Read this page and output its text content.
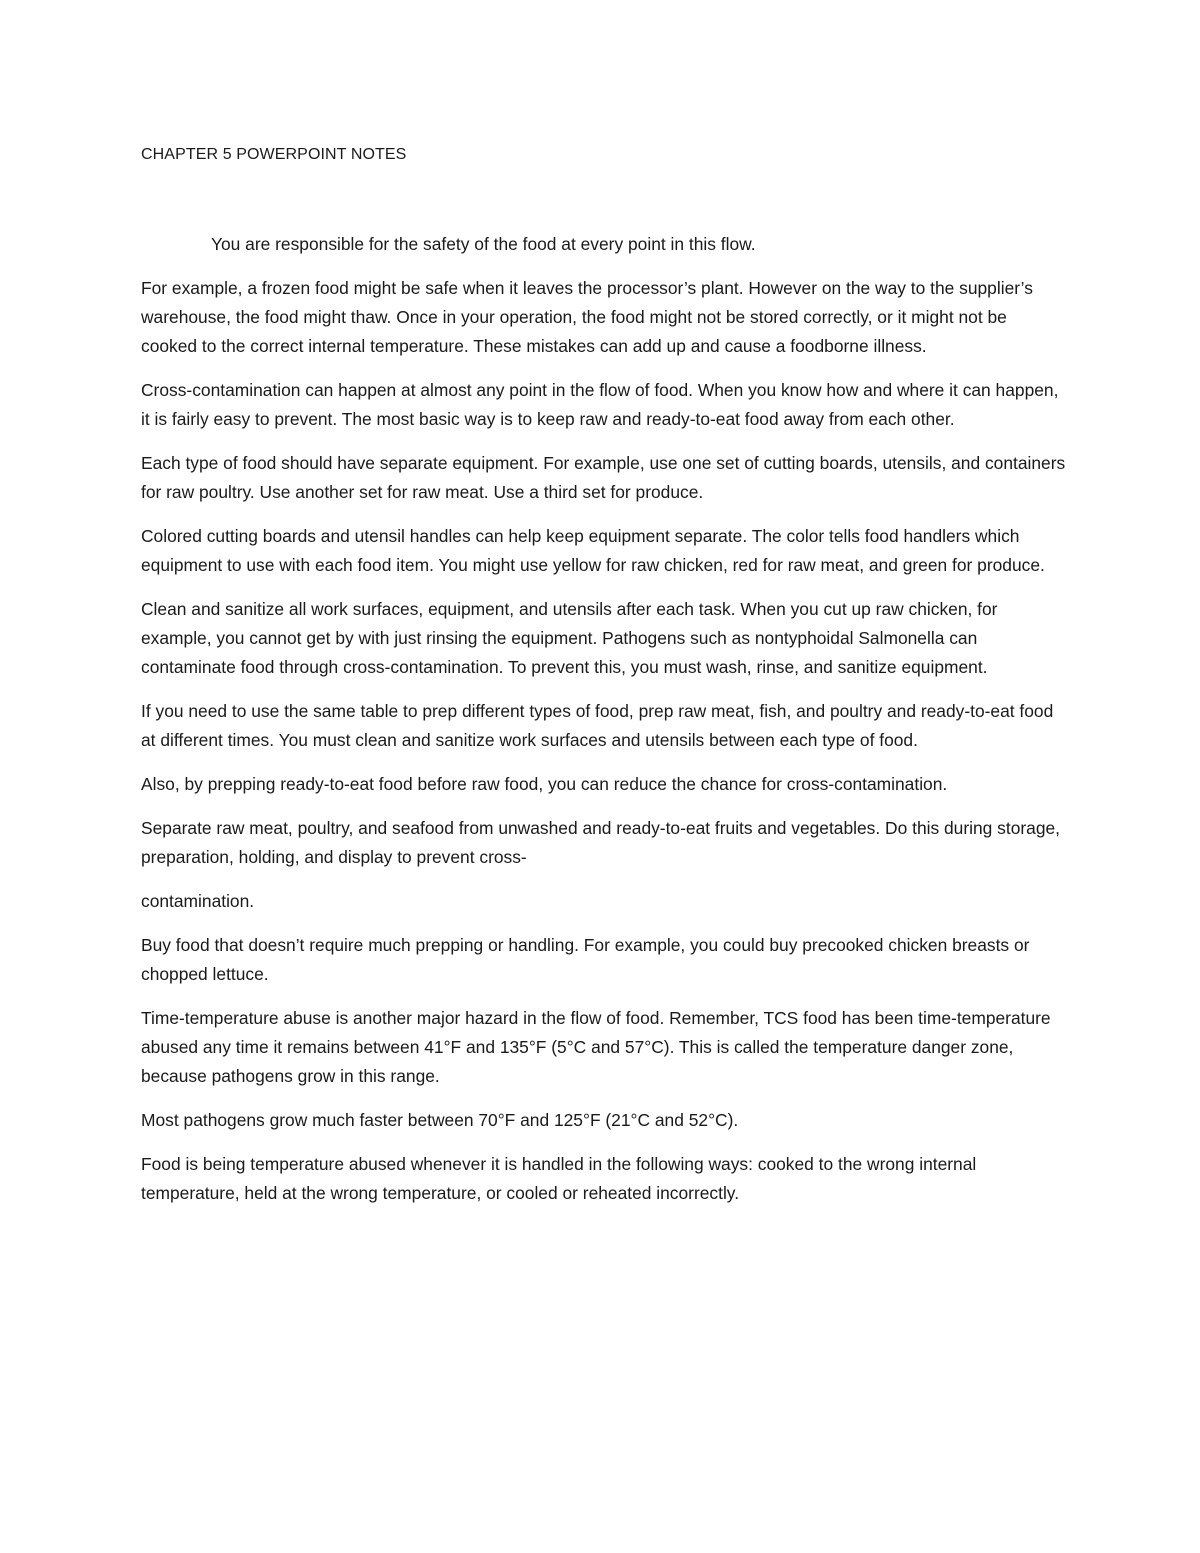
CHAPTER 5 POWERPOINT NOTES

You are responsible for the safety of the food at every point in this flow.

For example, a frozen food might be safe when it leaves the processor’s plant. However on the way to the supplier’s warehouse, the food might thaw. Once in your operation, the food might not be stored correctly, or it might not be cooked to the correct internal temperature. These mistakes can add up and cause a foodborne illness.

Cross-contamination can happen at almost any point in the flow of food. When you know how and where it can happen, it is fairly easy to prevent. The most basic way is to keep raw and ready-to-eat food away from each other.

Each type of food should have separate equipment. For example, use one set of cutting boards, utensils, and containers for raw poultry. Use another set for raw meat. Use a third set for produce.

Colored cutting boards and utensil handles can help keep equipment separate. The color tells food handlers which equipment to use with each food item. You might use yellow for raw chicken, red for raw meat, and green for produce.

Clean and sanitize all work surfaces, equipment, and utensils after each task. When you cut up raw chicken, for example, you cannot get by with just rinsing the equipment. Pathogens such as nontyphoidal Salmonella can contaminate food through cross-contamination. To prevent this, you must wash, rinse, and sanitize equipment.

If you need to use the same table to prep different types of food, prep raw meat, fish, and poultry and ready-to-eat food at different times. You must clean and sanitize work surfaces and utensils between each type of food.

Also, by prepping ready-to-eat food before raw food, you can reduce the chance for cross-contamination.

Separate raw meat, poultry, and seafood from unwashed and ready-to-eat fruits and vegetables. Do this during storage, preparation, holding, and display to prevent cross-

contamination.

Buy food that doesn’t require much prepping or handling. For example, you could buy precooked chicken breasts or chopped lettuce.

Time-temperature abuse is another major hazard in the flow of food. Remember, TCS food has been time-temperature abused any time it remains between 41°F and 135°F (5°C and 57°C). This is called the temperature danger zone, because pathogens grow in this range.

Most pathogens grow much faster between 70°F and 125°F (21°C and 52°C).

Food is being temperature abused whenever it is handled in the following ways: cooked to the wrong internal temperature, held at the wrong temperature, or cooled or reheated incorrectly.
